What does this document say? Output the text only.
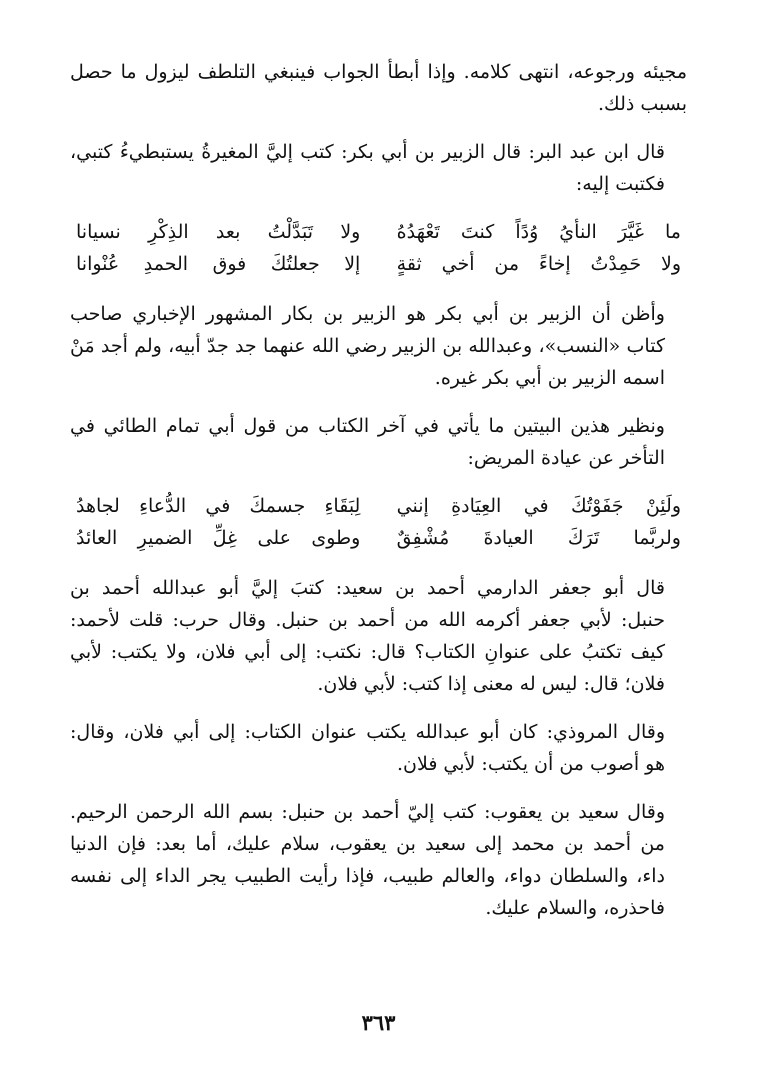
مجيئه ورجوعه، انتهى كلامه. وإذا أبطأ الجواب فينبغي التلطف ليزول ما حصل
بسبب ذلك.

قال ابن عبد البر: قال الزبير بن أبي بكر: كتب إليَّ المغيرةُ يستبطيءُ كتبي،
فكتبت إليه:

ما غَيَّرَ النأيُ وُدًاً كنتَ تَعْهَدُهُ
ولا تَبَدَّلْتُ بعد الذِكْرِ نسيانا
ولا حَمِدْتُ إخاءً من أخي ثقةٍ
إلا جعلتُكَ فوق الحمدِ عُنْوانا

وأظن أن الزبير بن أبي بكر هو الزبير بن بكار المشهور الإخباري صاحب
كتاب «النسب»، وعبدالله بن الزبير رضي الله عنهما جد جدّ أبيه، ولم أجد مَنْ
اسمه الزبير بن أبي بكر غيره.

ونظير هذين البيتين ما يأتي في آخر الكتاب من قول أبي تمام الطائي في
التأخر عن عيادة المريض:

ولَئِنْ جَفَوْتُكَ في العِيَادةِ إنني
لِبَقَاءِ جسمكَ في الدُّعاءِ لجاهدُ
ولربَّما تَرَكَ العيادةَ مُشْفِقٌ
وطوى على غِلِّ الضميرِ العائدُ

قال أبو جعفر الدارمي أحمد بن سعيد: كتبَ إليَّ أبو عبدالله أحمد بن
حنبل: لأبي جعفر أكرمه الله من أحمد بن حنبل. وقال حرب: قلت لأحمد:
كيف تكتبُ على عنوانِ الكتاب؟ قال: نكتب: إلى أبي فلان، ولا يكتب: لأبي
فلان؛ قال: ليس له معنى إذا كتب: لأبي فلان.

وقال المروذي: كان أبو عبدالله يكتب عنوان الكتاب: إلى أبي فلان، وقال:
هو أصوب من أن يكتب: لأبي فلان.

وقال سعيد بن يعقوب: كتب إليّ أحمد بن حنبل: بسم الله الرحمن الرحيم.
من أحمد بن محمد إلى سعيد بن يعقوب، سلام عليك، أما بعد: فإن الدنيا
داء، والسلطان دواء، والعالم طبيب، فإذا رأيت الطبيب يجر الداء إلى نفسه
فاحذره، والسلام عليك.

٣٦٣
